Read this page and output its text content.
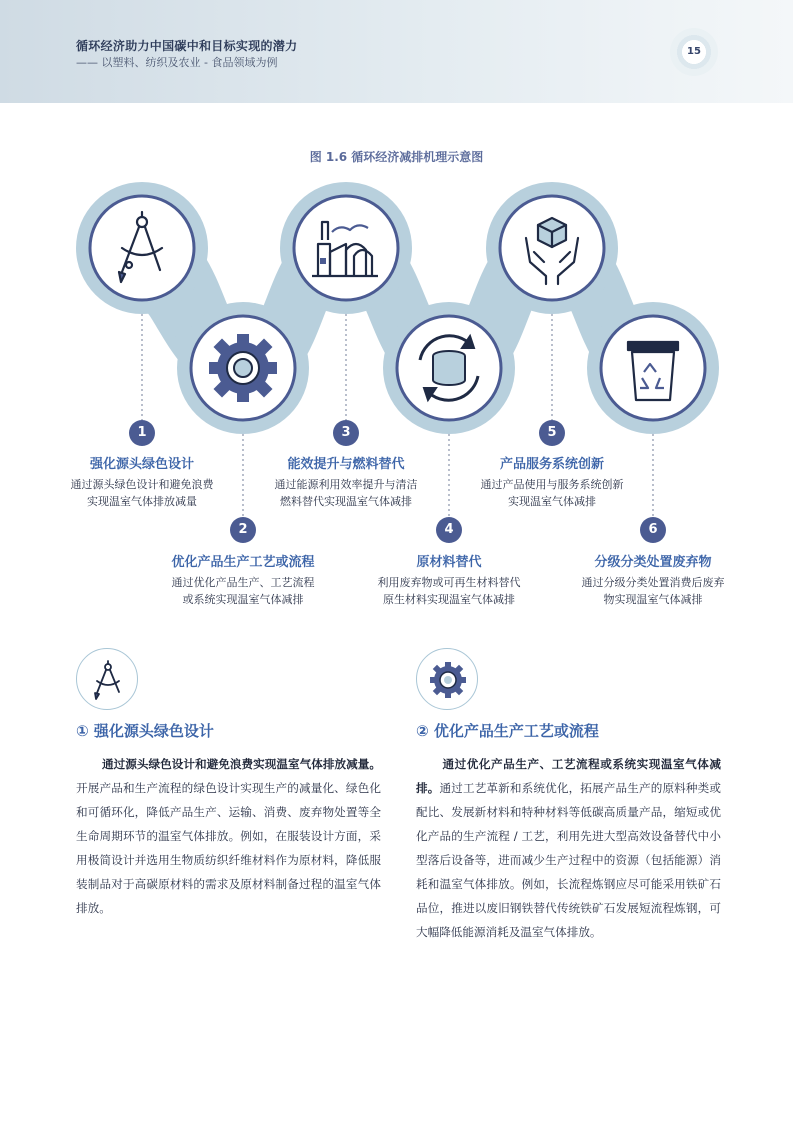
循环经济助力中国碳中和目标实现的潜力
—— 以塑料、纺织及农业 - 食品领域为例
15
图 1.6 循环经济减排机理示意图
1	3	5
2	4	6
强化源头绿色设计
通过源头绿色设计和避免浪费
实现温室气体排放减量
能效提升与燃料替代
通过能源利用效率提升与清洁
燃料替代实现温室气体减排
产品服务系统创新
通过产品使用与服务系统创新
实现温室气体减排
优化产品生产工艺或流程
通过优化产品生产、工艺流程
或系统实现温室气体减排
原材料替代
利用废弃物或可再生材料替代
原生材料实现温室气体减排
分级分类处置废弃物
通过分级分类处置消费后废弃
物实现温室气体减排
① 强化源头绿色设计	② 优化产品生产工艺或流程
通过源头绿色设计和避免浪费实现温室气体排放减量。开展产品和生产流程的绿色设计实现生产的减量化、绿色化和可循环化，降低产品生产、运输、消费、废弃物处置等全生命周期环节的温室气体排放。例如，在服装设计方面，采用极简设计并选用生物质纺织纤维材料作为原材料，降低服装制品对于高碳原材料的需求及原材料制备过程的温室气体排放。
通过优化产品生产、工艺流程或系统实现温室气体减排。通过工艺革新和系统优化，拓展产品生产的原料种类或配比、发展新材料和特种材料等低碳高质量产品，缩短或优化产品的生产流程 / 工艺，利用先进大型高效设备替代中小型落后设备等，进而减少生产过程中的资源（包括能源）消耗和温室气体排放。例如，长流程炼钢应尽可能采用铁矿石品位，推进以废旧钢铁替代传统铁矿石发展短流程炼钢，可大幅降低能源消耗及温室气体排放。
